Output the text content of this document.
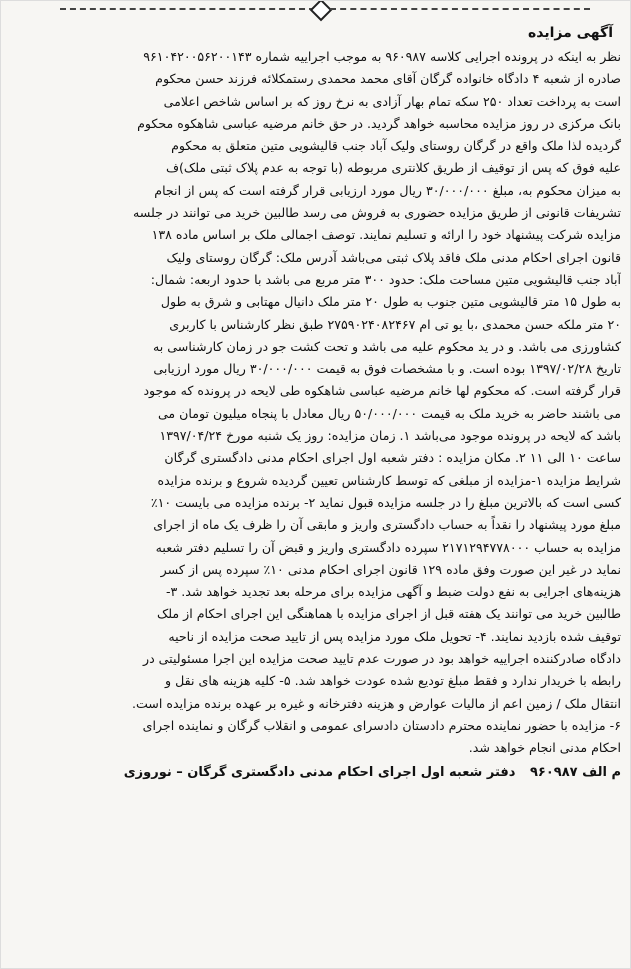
آگهی مزایده
نظر به اینکه در پرونده اجرایی کلاسه ۹۶۰۹۸۷ به موجب اجراییه شماره ۹۶۱۰۴۲۰۰۵۶۲۰۰۱۴۳
صادره از شعبه ۴ دادگاه خانواده گرگان آقای محمد محمدی رستمکلائه فرزند حسن محکوم
است به پرداخت تعداد ۲۵۰ سکه تمام بهار آزادی به نرخ روز که بر اساس شاخص اعلامی
بانک مرکزی در روز مزایده محاسبه خواهد گردید. در حق خانم مرضیه عباسی شاهکوه محکوم
گردیده لذا ملک واقع در گرگان روستای ولیک آباد جنب قالیشویی متین متعلق به محکوم
علیه فوق که پس از توقیف از طریق کلانتری مربوطه (با توجه به عدم پلاک ثبتی ملک)ف
به میزان محکوم به، مبلغ ۳۰/۰۰۰/۰۰۰ ریال مورد ارزیابی قرار گرفته است که پس از انجام
تشریفات قانونی از طریق مزایده حضوری به فروش می رسد طالبین خرید می توانند در جلسه
مزایده شرکت پیشنهاد خود را ارائه و تسلیم نمایند. توصف اجمالی ملک بر اساس ماده ۱۳۸
قانون اجرای احکام مدنی ملک فاقد پلاک ثبتی می‌باشد آدرس ملک: گرگان روستای ولیک
آباد جنب قالیشویی متین مساحت ملک: حدود ۳۰۰ متر مربع می باشد با حدود اربعه: شمال:
به طول ۱۵ متر قالیشویی متین جنوب به طول ۲۰ متر ملک دانیال مهتابی و شرق به طول
۲۰ متر ملکه حسن محمدی ،با یو تی ام ۲۷۵۹۰۲۴۰۸۲۴۶۷ طبق نظر کارشناس با کاربری
کشاورزی می باشد. و در ید محکوم علیه می باشد و تحت کشت جو در زمان کارشناسی به
تاریخ ۱۳۹۷/۰۲/۲۸ بوده است. و با مشخصات فوق به قیمت ۳۰/۰۰۰/۰۰۰ ریال مورد ارزیابی
قرار گرفته است. که محکوم لها خانم مرضیه عباسی شاهکوه طی لایحه در پرونده که موجود
می باشند حاضر به خرید ملک به قیمت ۵۰/۰۰۰/۰۰۰ ریال معادل با پنجاه میلیون تومان می
باشد که لایحه در پرونده موجود می‌باشد ۱. زمان مزایده: روز یک شنبه مورخ ۱۳۹۷/۰۴/۲۴
ساعت ۱۰ الی ۱۱ ۲. مکان مزایده : دفتر شعبه اول اجرای احکام مدنی دادگستری گرگان
شرایط مزایده ۱-مزایده از مبلغی که توسط کارشناس تعیین گردیده شروع و برنده مزایده
کسی است که بالاترین مبلغ را در جلسه مزایده قبول نماید ۲- برنده مزایده می بایست ۱۰٪
مبلغ مورد پیشنهاد را نقداً به حساب دادگستری واریز و مابقی آن را ظرف یک ماه از اجرای
مزایده به حساب ۲۱۷۱۲۹۴۷۷۸۰۰۰ سپرده دادگستری واریز و قبض آن را تسلیم دفتر شعبه
نماید در غیر این صورت وفق ماده ۱۲۹ قانون اجرای احکام مدنی ۱۰٪ سپرده پس از کسر
هزینه‌های اجرایی به نفع دولت ضبط و آگهی مزایده برای مرحله بعد تجدید خواهد شد. ۳-
طالبین خرید می توانند یک هفته قبل از اجرای مزایده با هماهنگی این اجرای احکام از ملک
توقیف شده بازدید نمایند. ۴- تحویل ملک مورد مزایده پس از تایید صحت مزایده از ناحیه
دادگاه صادرکننده اجراییه خواهد بود در صورت عدم تایید صحت مزایده این اجرا مسئولیتی در
رابطه با خریدار ندارد و فقط مبلغ تودیع شده عودت خواهد شد. ۵- کلیه هزینه های نقل و
انتقال ملک / زمین اعم از مالیات عوارض و هزینه دفترخانه و غیره بر عهده برنده مزایده است.
۶- مزایده با حضور نماینده محترم دادستان دادسرای عمومی و انقلاب گرگان و نماینده اجرای
احکام مدنی انجام خواهد شد.
م الف ۹۶۰۹۸۷ دفتر شعبه اول اجرای احکام مدنی دادگستری گرگان – نوروزی
